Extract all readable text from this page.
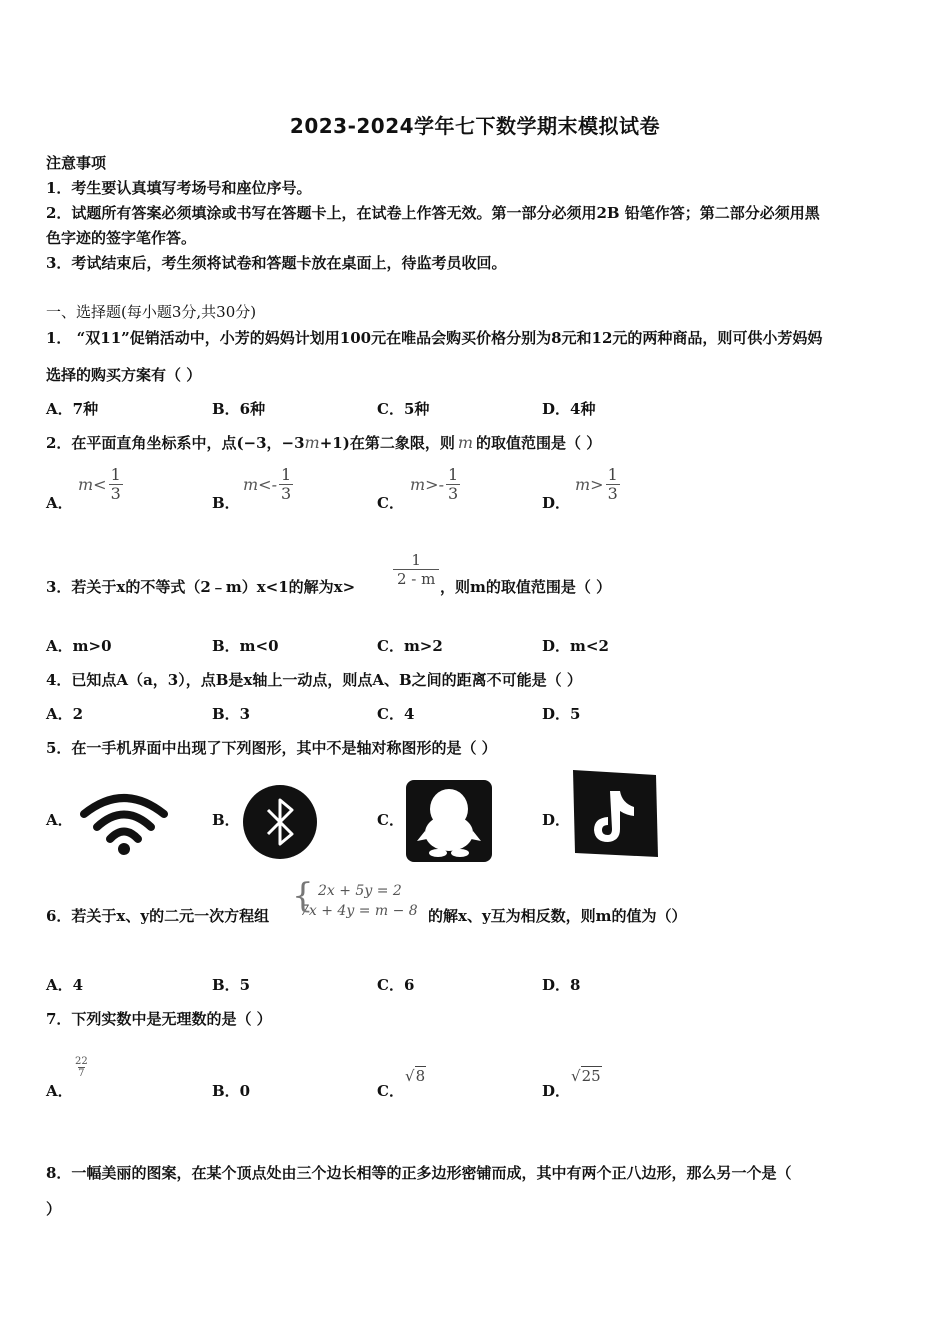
2023-2024学年七下数学期末模拟试卷
注意事项
1．考生要认真填写考场号和座位序号。
2．试题所有答案必须填涂或书写在答题卡上，在试卷上作答无效。第一部分必须用2B 铅笔作答；第二部分必须用黑
色字迹的签字笔作答。
3．考试结束后，考生须将试卷和答题卡放在桌面上，待监考员收回。
一、选择题(每小题3分,共30分)
1． “双11”促销活动中，小芳的妈妈计划用100元在唯品会购买价格分别为8元和12元的两种商品，则可供小芳妈妈
选择的购买方案有（ ）
A．7种	B．6种	C．5种	D．4种
2．在平面直角坐标系中，点(−3，−3m+1)在第二象限，则 m 的取值范围是（ ）
A．
$m< \frac{1}{3}$	B．
$m<- \frac{1}{3}$	C．
$m>- \frac{1}{3}$	D．
$m> \frac{1}{3}$
3．若关于x的不等式（2﹣m）x<1的解为x>	$\frac{1}{2 - m}$ ，则m的取值范围是（ ）
A．m>0	B．m<0	C．m>2	D．m<2
4．已知点A（a，3），点B是x轴上一动点，则点A、B之间的距离不可能是（ ）
A．2	B．3	C．4	D．5
5．在一手机界面中出现了下列图形，其中不是轴对称图形的是（ ）
A．	B．	C．	D．
6．若关于x、y的二元一次方程组 { 2x + 5y = 2
7x + 4y = m − 8 的解x、y互为相反数，则m的值为（）
A．4	B．5	C．6	D．8
7．下列实数中是无理数的是（ ）
A．
$\frac{22}{7}$
B．0	C．
√8
D．
√25
8．一幅美丽的图案，在某个顶点处由三个边长相等的正多边形密铺而成，其中有两个正八边形，那么另一个是（
）
